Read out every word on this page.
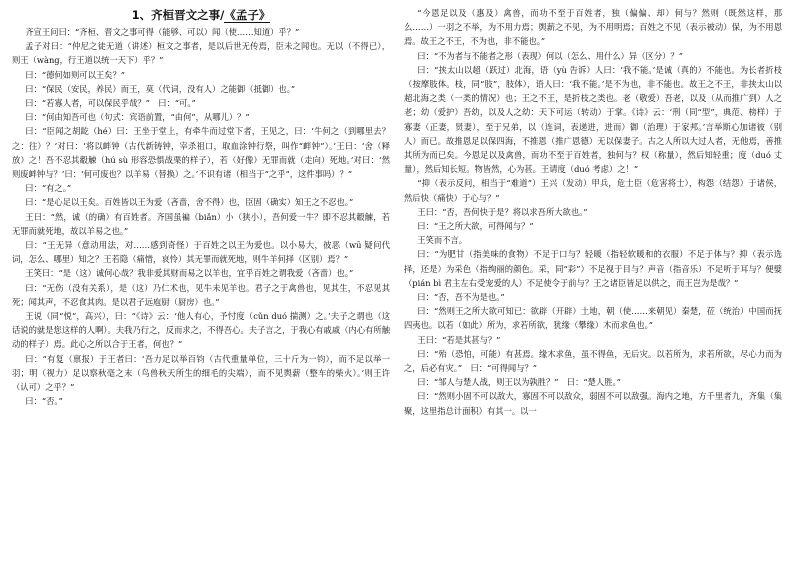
1、齐桓晋文之事/《孟子》

齐宣王问曰：“齐桓、晋文之事可得（能够、可以）闻（使……知道）乎？”

孟子对曰：“仲尼之徒无道（讲述）桓文之事者，是以后世无传焉，臣未之闻也。无以（不得已），则王（wàng，行王道以统一天下）乎？”

曰：“德何如则可以王矣？”

曰：“保民（安民，养民）而王，莫（代词，没有人）之能御（抵御）也。”

曰：“若寡人者，可以保民乎哉？”　曰：“可。”

曰：“何由知吾可也（句式：宾语前置，“由何”，从哪儿）？”

曰：“臣闻之胡龁（hé）曰：王坐于堂上，有牵牛而过堂下者，王见之，曰：‘牛何之（到哪里去？之：往）？’对曰：‘将以衅钟（古代新铸钟，宰杀祖口，取血涂钟行祭，叫作“衅钟”）。’王曰：‘舍（释放）之！吾不忍其觳觫（hú sù 形容恐惧战栗的样子），若（好像）无罪而就（走向）死地。’对曰：‘然则废衅钟与？’曰：‘何可废也？以羊易（替换）之。’不识有诸（相当于“之乎”，这件事吗）？”

曰：“有之。”

曰：“是心足以王矣。百姓皆以王为爱（吝啬，舍不得）也，臣固（确实）知王之不忍也。”

王曰：“然，诚（的确）有百姓者。齐国虽褊（biǎn）小（狭小），吾何爱一牛？即不忍其觳觫，若无罪而就死地，故以羊易之也。”

曰：“王无异（意动用法，对……感到奇怪）于百姓之以王为爱也。以小易大，彼恶（wū 疑问代词，怎么、哪里）知之？王若隐（痛惜，哀怜）其无罪而就死地，则牛羊何择（区别）焉？”

王笑曰：“是（这）诚何心哉？我非爱其财而易之以羊也，宜乎百姓之谓我爱（吝啬）也。”

曰：“无伤（没有关系），是（这）乃仁术也，见牛未见羊也。君子之于禽兽也，见其生，不忍见其死；闻其声，不忍食其肉。是以君子远庖厨（厨房）也。”

王说（同“悦”，高兴），曰：“《诗》云：‘他人有心，予忖度（cǔn duó 揣测）之。’夫子之谓也（这话说的就是您这样的人啊）。夫我乃行之，反而求之，不得吾心。夫子言之，于我心有戚戚（内心有所触动的样子）焉。此心之所以合于王者，何也？”

曰：“有复（禀报）于王者曰：‘吾力足以举百钧（古代重量单位，三十斤为一钧），而不足以举一羽；明（视力）足以察秋毫之末（鸟兽秋天所生的细毛的尖端），而不见舆薪（整车的柴火）。’则王许（认可）之乎？”

曰：“否。”

“今恩足以及（惠及）禽兽，而功不至于百姓者，独（偏偏、却）何与？然则（既然这样，那么……）一羽之不举，为不用力焉；舆薪之不见，为不用明焉；百姓之不见（表示被动）保，为不用恩焉。故王之不王，不为也，非不能也。”

曰：“不为者与不能者之形（表现）何以（怎么、用什么）异（区分）？”

曰：“挟太山以超（跃过）北海，语（yù 告诉）人曰：‘我不能。’是诚（真的）不能也。为长者折枝（按摩肢体。枝，同“肢”，肢体），语人曰：‘我不能。’是不为也，非不能也。故王之不王，非挟太山以超北海之类（一类的情况）也；王之不王，是折枝之类也。老（敬爱）吾老，以及（从而推广到）人之老；幼（爱护）吾幼，以及人之幼：天下可运（转动）于掌。《诗》云：‘刑（同“型”，典范、榜样）于寡妻（正妻，贤妻），至于兄弟，以（连词，表递进，进而）御（治理）于家邦。’言举斯心加诸彼（别人）而已。故推恩足以保四海，不推恩（推广恩德）无以保妻子。古之人所以大过人者，无他焉，善推其所为而已矣。今恩足以及禽兽，而功不至于百姓者，独何与？权（称量），然后知轻重；度（duó 丈量），然后知长短。物皆然，心为甚。王请度（duó 考虑）之！”

“抑（表示反问，相当于“难道”）王兴（发动）甲兵，危士臣（危害将士），构怨（结怨）于诸侯，然后快（痛快）于心与？”

王曰：“否，吾何快于是？将以求吾所大欲也。”

曰：“王之所大欲，可得闻与？”

王笑而不言。

曰：“为肥甘（指美味的食物）不足于口与？轻暖（指轻软暖和的衣服）不足于体与？抑（表示选择，还是）为采色（指绚丽的颜色。采，同“彩”）不足视于目与？声音（指音乐）不足听于耳与？便嬖（pián bì 君主左右受宠爱的人）不足使令于前与？王之诸臣皆足以供之，而王岂为是哉？”

曰：“否，吾不为是也。”

曰：“然则王之所大欲可知已：欲辟（开辟）土地，朝（使……来朝见）秦楚，莅（统治）中国而抚四夷也。以若（如此）所为，求若所欲，犹缘（攀缘）木而求鱼也。”

王曰：“若是其甚与？”

曰：“殆（恐怕，可能）有甚焉。缘木求鱼，虽不得鱼，无后灾。以若所为，求若所欲，尽心力而为之，后必有灾。”　曰：“可得闻与？”

曰：“邹人与楚人战，则王以为孰胜？”　曰：“楚人胜。”

曰：“然则小固不可以敌大，寡固不可以敌众，弱固不可以敌强。海内之地，方千里者九，齐集（集聚，这里指总计面积）有其一。以一
